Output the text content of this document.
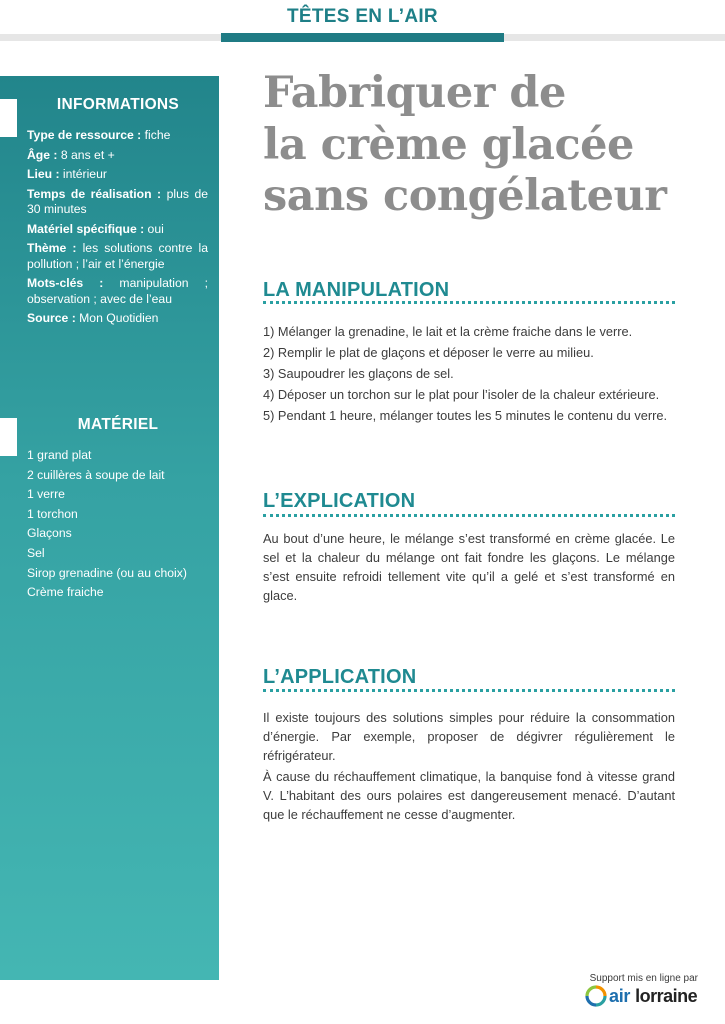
TÊTES EN L’AIR
INFORMATIONS
Type de ressource : fiche
Âge : 8 ans et +
Lieu : intérieur
Temps de réalisation : plus de 30 minutes
Matériel spécifique : oui
Thème : les solutions contre la pollution ; l’air et l’énergie
Mots-clés : manipulation ; observation ; avec de l’eau
Source : Mon Quotidien
MATÉRIEL
1 grand plat
2 cuillères à soupe de lait
1 verre
1 torchon
Glaçons
Sel
Sirop grenadine (ou au choix)
Crème fraiche
Fabriquer de
la crème glacée
sans congélateur
LA MANIPULATION

1) Mélanger la grenadine, le lait et la crème fraiche dans le verre.

2) Remplir le plat de glaçons et déposer le verre au milieu.

3) Saupoudrer les glaçons de sel.

4) Déposer un torchon sur le plat pour l’isoler de la chaleur extérieure.

5) Pendant 1 heure, mélanger toutes les 5 minutes le contenu du verre.

L’EXPLICATION

Au bout d’une heure, le mélange s’est transformé en crème glacée. Le sel et la chaleur du mélange ont fait fondre les glaçons. Le mélange s’est ensuite refroidi tellement vite qu’il a gelé et s’est transformé en glace.

L’APPLICATION

Il existe toujours des solutions simples pour réduire la consommation d’énergie. Par exemple, proposer de dégivrer régulièrement le réfrigérateur.

À cause du réchauffement climatique, la banquise fond à vitesse grand V. L’habitant des ours polaires est dangereusement menacé. D’autant que le réchauffement ne cesse d’augmenter.

Support mis en ligne par
air lorraine
